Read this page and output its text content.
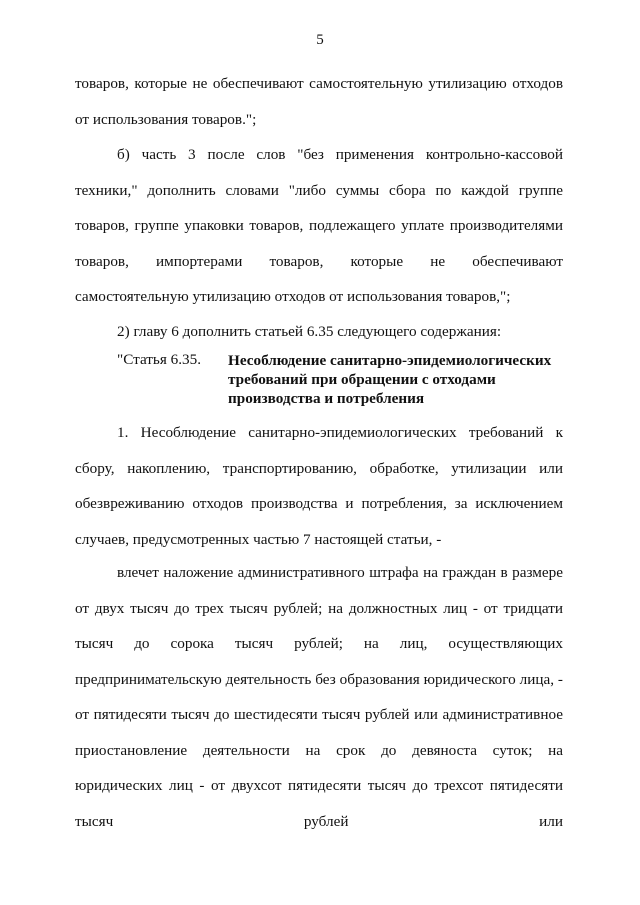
5

товаров, которые не обеспечивают самостоятельную утилизацию отходов от использования товаров.";

б) часть 3 после слов "без применения контрольно-кассовой техники," дополнить словами "либо суммы сбора по каждой группе товаров, группе упаковки товаров, подлежащего уплате производителями товаров, импортерами товаров, которые не обеспечивают самостоятельную утилизацию отходов от использования товаров,";

2) главу 6 дополнить статьей 6.35 следующего содержания:

"Статья 6.35. Несоблюдение санитарно-эпидемиологических требований при обращении с отходами производства и потребления

1. Несоблюдение санитарно-эпидемиологических требований к сбору, накоплению, транспортированию, обработке, утилизации или обезвреживанию отходов производства и потребления, за исключением случаев, предусмотренных частью 7 настоящей статьи, -

влечет наложение административного штрафа на граждан в размере от двух тысяч до трех тысяч рублей; на должностных лиц - от тридцати тысяч до сорока тысяч рублей; на лиц, осуществляющих предпринимательскую деятельность без образования юридического лица, - от пятидесяти тысяч до шестидесяти тысяч рублей или административное приостановление деятельности на срок до девяноста суток; на юридических лиц - от двухсот пятидесяти тысяч до трехсот пятидесяти тысяч рублей или
